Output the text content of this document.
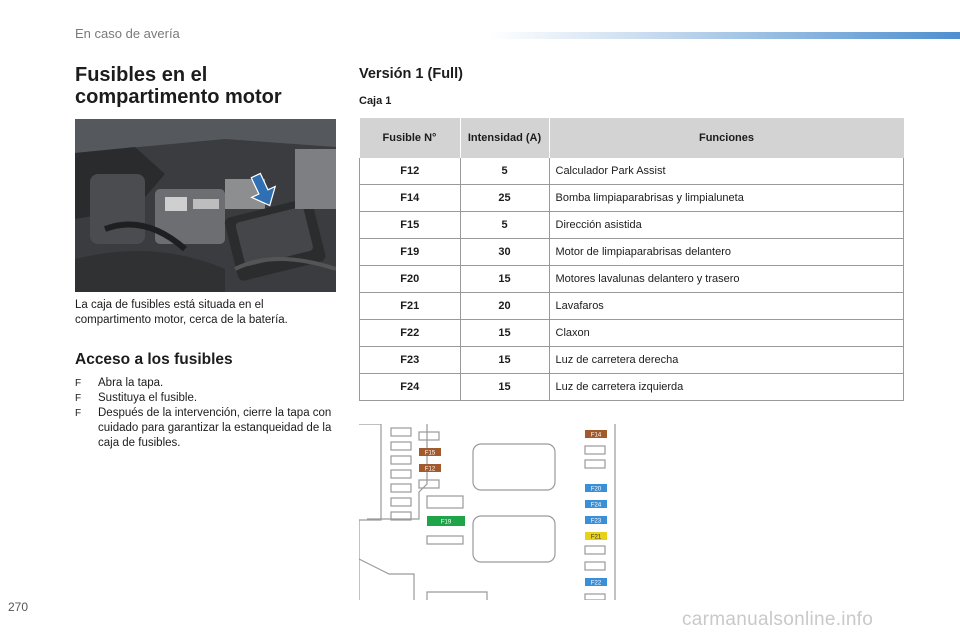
En caso de avería
Fusibles en el compartimento motor

La caja de fusibles está situada en el compartimento motor, cerca de la batería.

Acceso a los fusibles
F Abra la tapa.
F Sustituya el fusible.
F Después de la intervención, cierre la tapa con cuidado para garantizar la estanqueidad de la caja de fusibles.
Versión 1 (Full)
Caja 1
Fusible N°	Intensidad (A)	Funciones
F12	5	Calculador Park Assist
F14	25	Bomba limpiaparabrisas y limpialuneta
F15	5	Dirección asistida
F19	30	Motor de limpiaparabrisas delantero
F20	15	Motores lavalunas delantero y trasero
F21	20	Lavafaros
F22	15	Claxon
F23	15	Luz de carretera derecha
F24	15	Luz de carretera izquierda
F15
F12
F19
F14
F20
F24
F23
F21
F22
270
carmanualsonline.info
